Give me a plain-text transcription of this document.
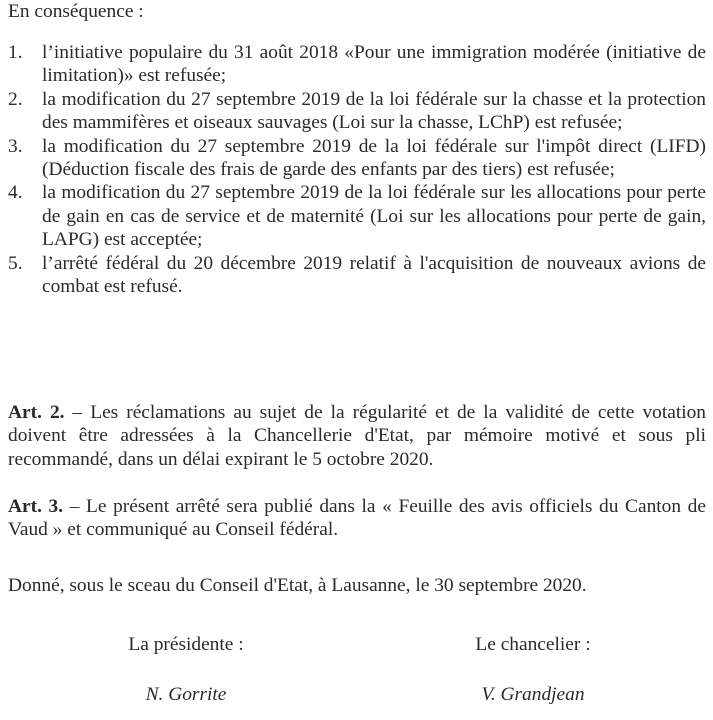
En conséquence :

1. l’initiative populaire du 31 août 2018 «Pour une immigration modérée (initiative de limitation)» est refusée;
2. la modification du 27 septembre 2019 de la loi fédérale sur la chasse et la protection des mammifères et oiseaux sauvages (Loi sur la chasse, LChP) est refusée;
3. la modification du 27 septembre 2019 de la loi fédérale sur l'impôt direct (LIFD) (Déduction fiscale des frais de garde des enfants par des tiers) est refusée;
4. la modification du 27 septembre 2019 de la loi fédérale sur les allocations pour perte de gain en cas de service et de maternité (Loi sur les allocations pour perte de gain, LAPG) est acceptée;
5. l’arrêté fédéral du 20 décembre 2019 relatif à l'acquisition de nouveaux avions de combat est refusé.

Art. 2. – Les réclamations au sujet de la régularité et de la validité de cette votation doivent être adressées à la Chancellerie d'Etat, par mémoire motivé et sous pli recommandé, dans un délai expirant le 5 octobre 2020.

Art. 3. – Le présent arrêté sera publié dans la « Feuille des avis officiels du Canton de Vaud » et communiqué au Conseil fédéral.

Donné, sous le sceau du Conseil d'Etat, à Lausanne, le 30 septembre 2020.

La présidente :	Le chancelier :
N. Gorrite	V. Grandjean
